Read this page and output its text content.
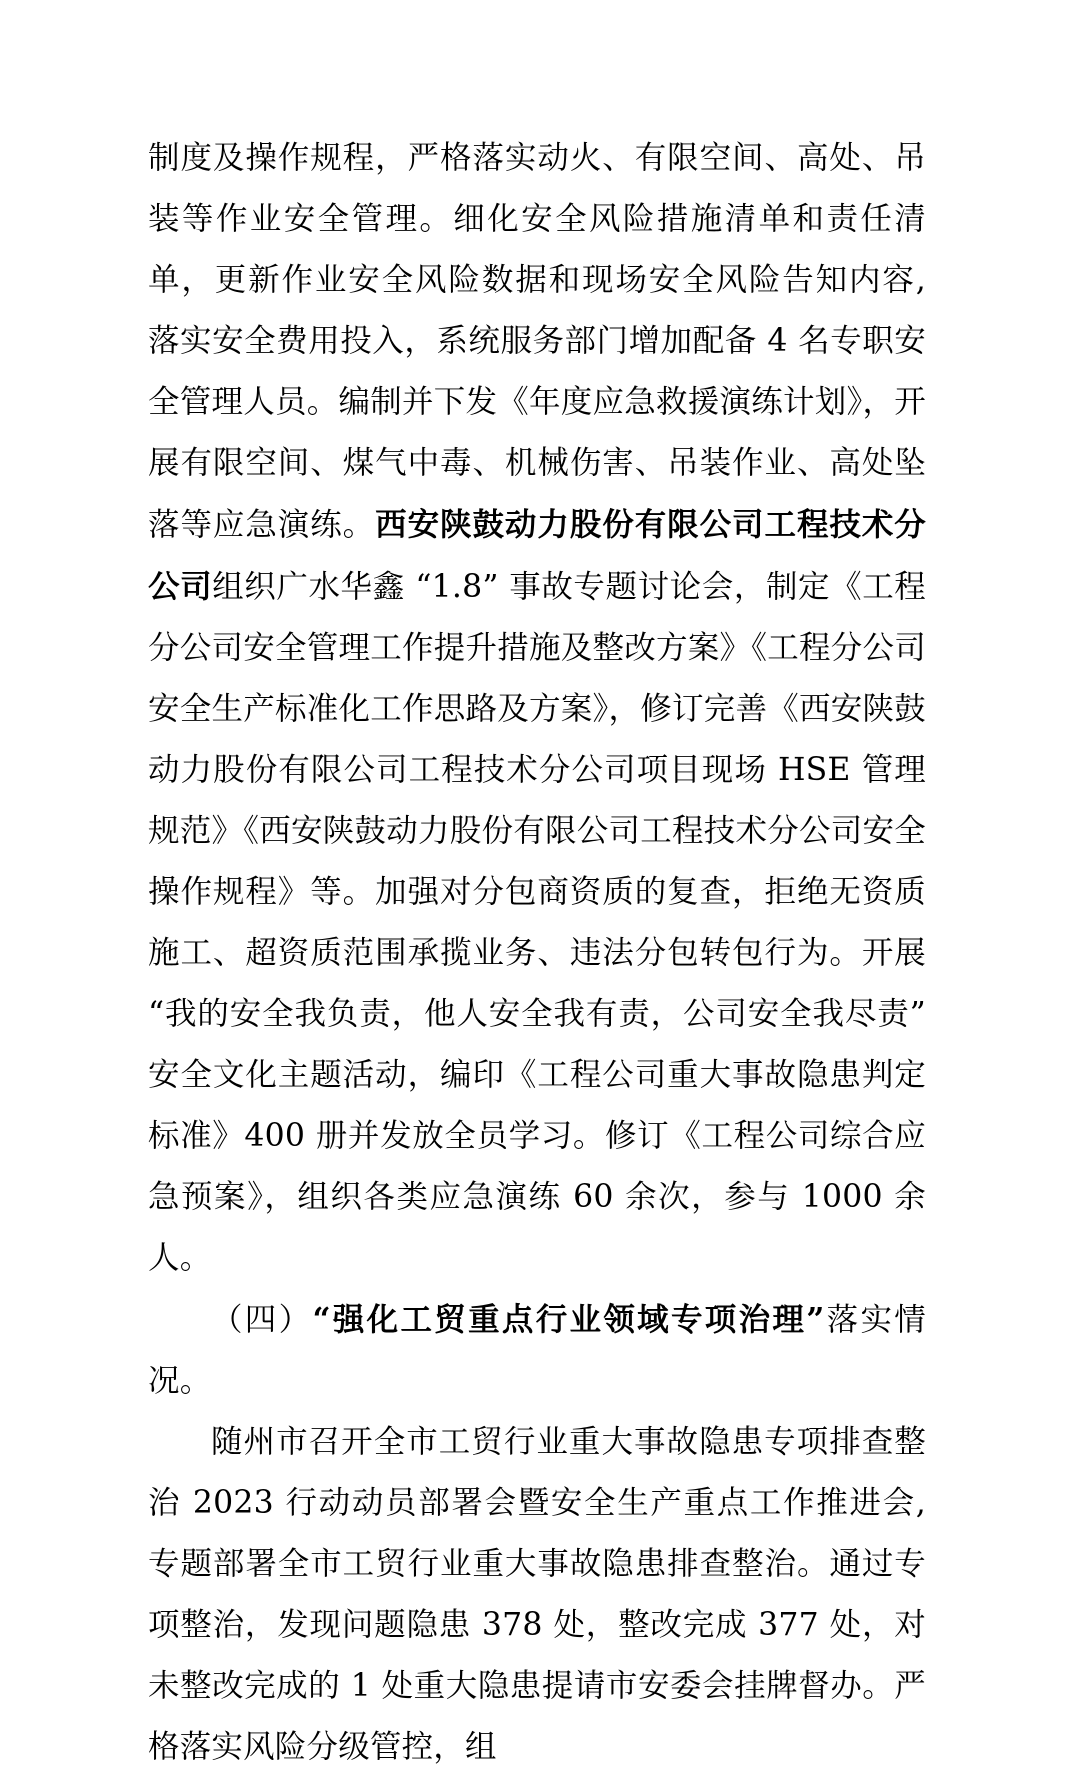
制度及操作规程，严格落实动火、有限空间、高处、吊装等作业安全管理。细化安全风险措施清单和责任清单，更新作业安全风险数据和现场安全风险告知内容, 落实安全费用投入，系统服务部门增加配备 4 名专职安全管理人员。编制并下发《年度应急救援演练计划》，开展有限空间、煤气中毒、机械伤害、吊装作业、高处坠落等应急演练。西安陕鼓动力股份有限公司工程技术分公司组织广水华鑫 “1.8” 事故专题讨论会，制定《工程分公司安全管理工作提升措施及整改方案》《工程分公司安全生产标准化工作思路及方案》，修订完善《西安陕鼓动力股份有限公司工程技术分公司项目现场 HSE 管理规范》《西安陕鼓动力股份有限公司工程技术分公司安全操作规程》等。加强对分包商资质的复查，拒绝无资质施工、超资质范围承揽业务、违法分包转包行为。开展 “我的安全我负责，他人安全我有责，公司安全我尽责” 安全文化主题活动，编印《工程公司重大事故隐患判定标准》400 册并发放全员学习。修订《工程公司综合应急预案》，组织各类应急演练 60 余次，参与 1000 余人。

（四）“强化工贸重点行业领域专项治理”落实情况。

随州市召开全市工贸行业重大事故隐患专项排查整治 2023 行动动员部署会暨安全生产重点工作推进会, 专题部署全市工贸行业重大事故隐患排查整治。通过专项整治，发现问题隐患 378 处，整改完成 377 处，对未整改完成的 1 处重大隐患提请市安委会挂牌督办。严格落实风险分级管控，组
